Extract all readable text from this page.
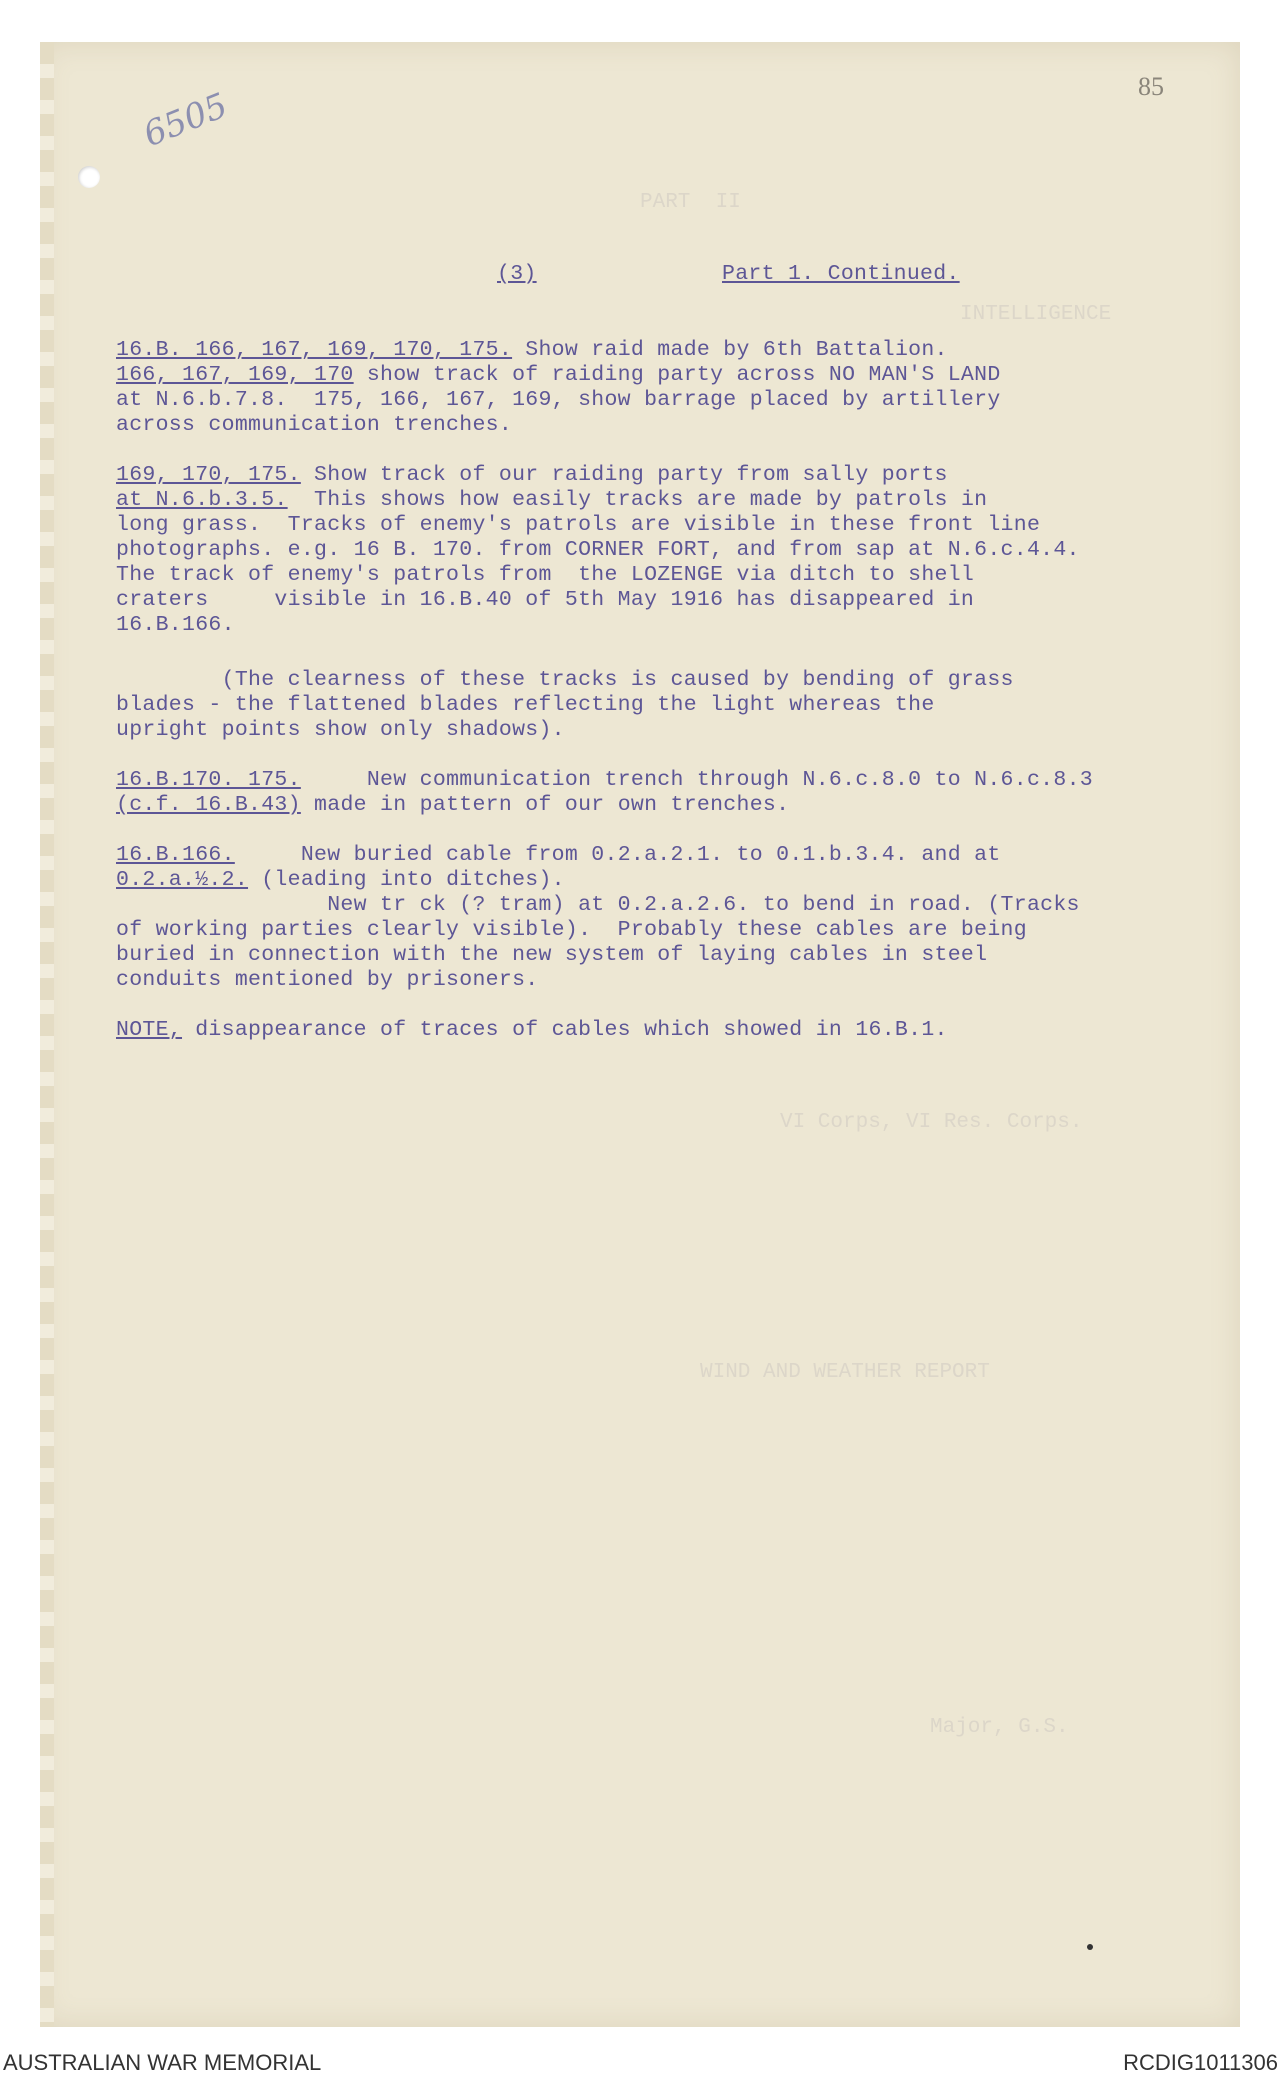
PART  II
INTELLIGENCE
VI Corps, VI Res. Corps.
WIND AND WEATHER REPORT
Major, G.S.
85
6505
(3)	Part 1. Continued.
16.B. 166, 167, 169, 170, 175. Show raid made by 6th Battalion.
166, 167, 169, 170 show track of raiding party across NO MAN'S LAND
at N.6.b.7.8.  175, 166, 167, 169, show barrage placed by artillery
across communication trenches.
169, 170, 175. Show track of our raiding party from sally ports
at N.6.b.3.5.  This shows how easily tracks are made by patrols in
long grass.  Tracks of enemy's patrols are visible in these front line
photographs. e.g. 16 B. 170. from CORNER FORT, and from sap at N.6.c.4.4.
The track of enemy's patrols from  the LOZENGE via ditch to shell
craters     visible in 16.B.40 of 5th May 1916 has disappeared in
16.B.166.
(The clearness of these tracks is caused by bending of grass
blades - the flattened blades reflecting the light whereas the
upright points show only shadows).
16.B.170. 175.     New communication trench through N.6.c.8.0 to N.6.c.8.3
(c.f. 16.B.43) made in pattern of our own trenches.
16.B.166.     New buried cable from 0.2.a.2.1. to 0.1.b.3.4. and at
0.2.a.½.2. (leading into ditches).
New tr ck (? tram) at 0.2.a.2.6. to bend in road. (Tracks
of working parties clearly visible).  Probably these cables are being
buried in connection with the new system of laying cables in steel
conduits mentioned by prisoners.
NOTE, disappearance of traces of cables which showed in 16.B.1.
AUSTRALIAN WAR MEMORIAL	RCDIG1011306
